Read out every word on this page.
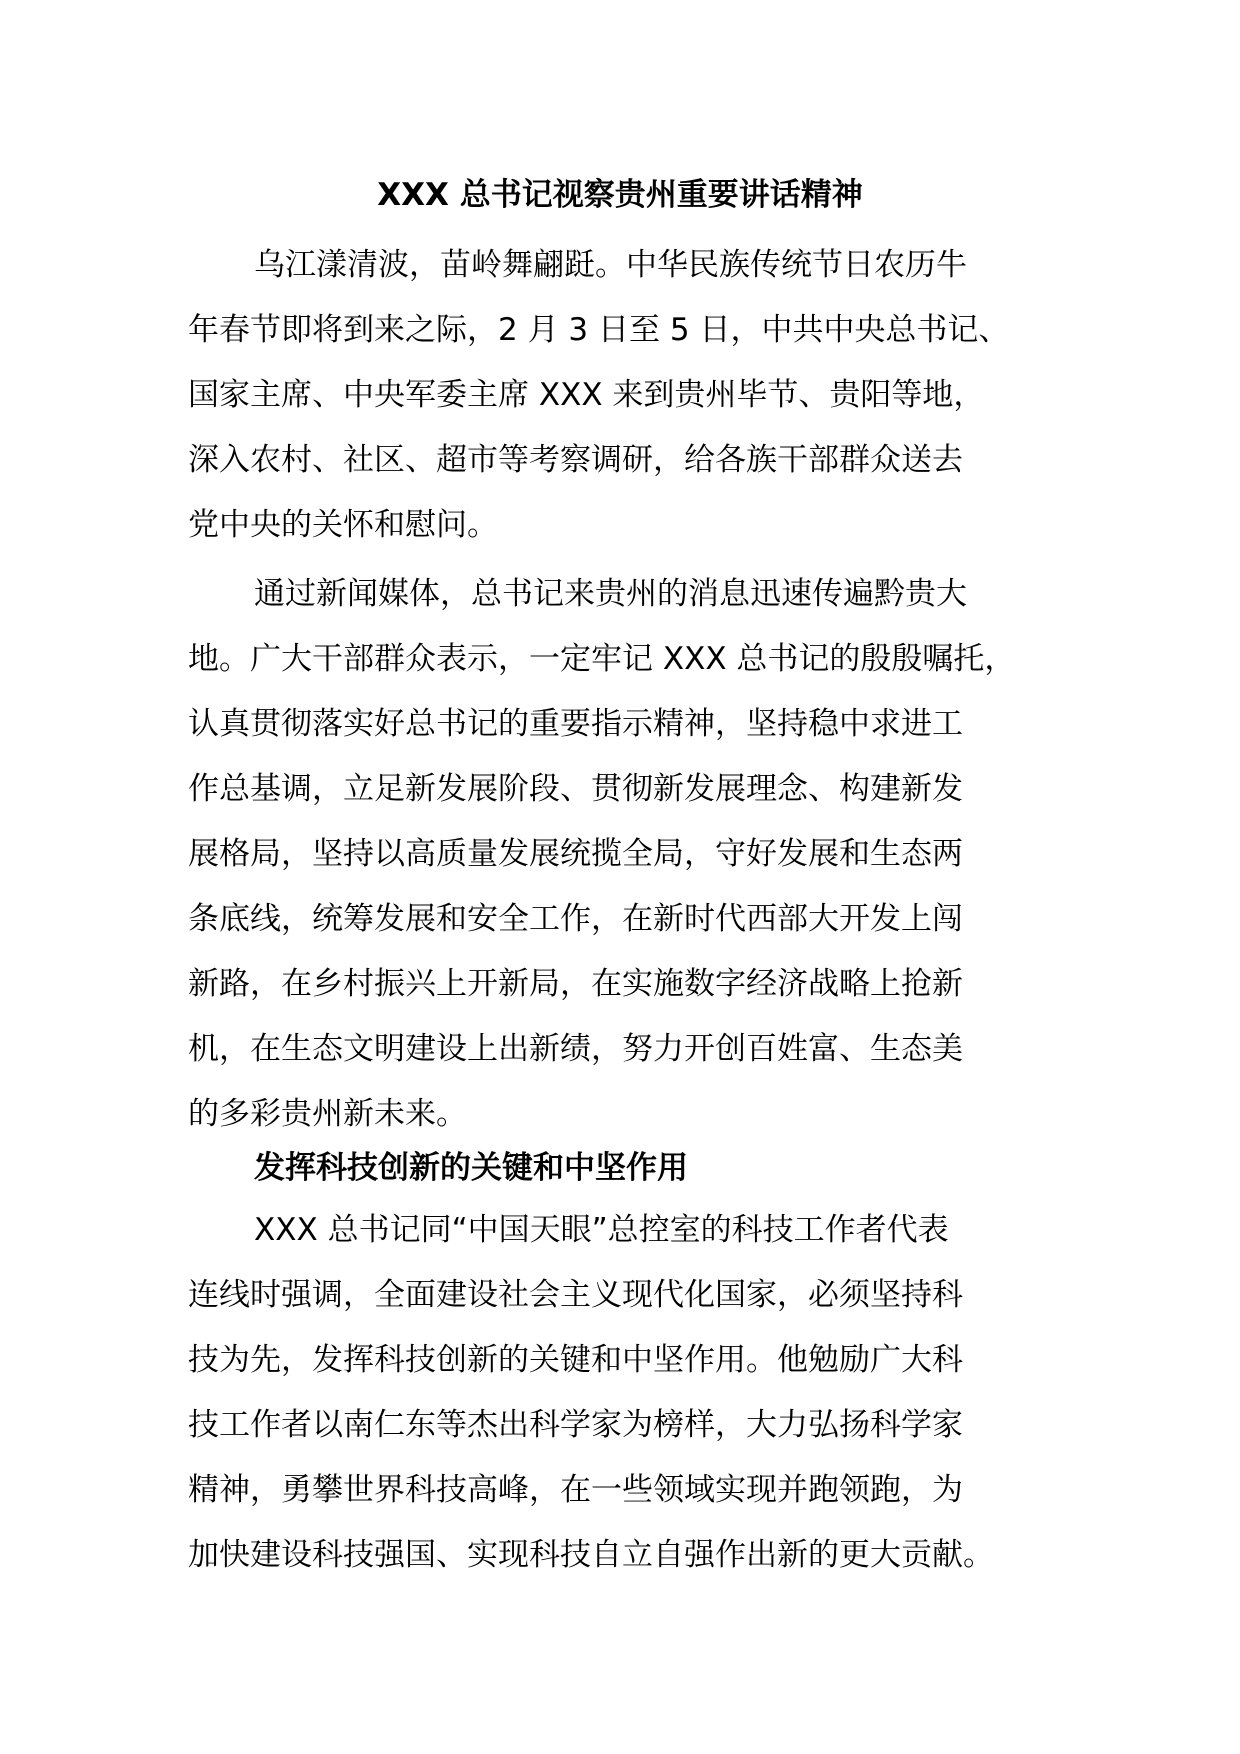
XXX 总书记视察贵州重要讲话精神

乌江漾清波，苗岭舞翩跹。中华民族传统节日农历牛
年春节即将到来之际，2 月 3 日至 5 日，中共中央总书记、
国家主席、中央军委主席 XXX 来到贵州毕节、贵阳等地，
深入农村、社区、超市等考察调研，给各族干部群众送去
党中央的关怀和慰问。

通过新闻媒体，总书记来贵州的消息迅速传遍黔贵大
地。广大干部群众表示，一定牢记 XXX 总书记的殷殷嘱托，
认真贯彻落实好总书记的重要指示精神，坚持稳中求进工
作总基调，立足新发展阶段、贯彻新发展理念、构建新发
展格局，坚持以高质量发展统揽全局，守好发展和生态两
条底线，统筹发展和安全工作，在新时代西部大开发上闯
新路，在乡村振兴上开新局，在实施数字经济战略上抢新
机，在生态文明建设上出新绩，努力开创百姓富、生态美
的多彩贵州新未来。

发挥科技创新的关键和中坚作用

XXX 总书记同“中国天眼”总控室的科技工作者代表
连线时强调，全面建设社会主义现代化国家，必须坚持科
技为先，发挥科技创新的关键和中坚作用。他勉励广大科
技工作者以南仁东等杰出科学家为榜样，大力弘扬科学家
精神，勇攀世界科技高峰，在一些领域实现并跑领跑，为
加快建设科技强国、实现科技自立自强作出新的更大贡献。
